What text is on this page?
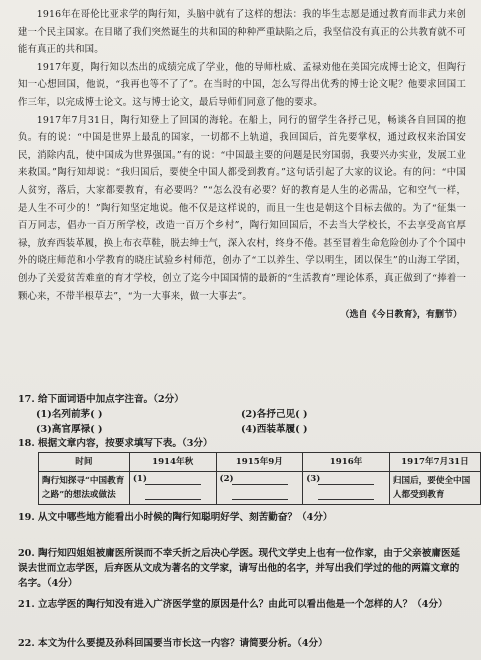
1916年在哥伦比亚求学的陶行知，头脑中就有了这样的想法：我的毕生志愿是通过教育而非武力来创建一个民主国家。在目睹了我们突然诞生的共和国的种种严重缺陷之后，我坚信没有真正的公共教育就不可能有真正的共和国。

1917年夏，陶行知以杰出的成绩完成了学业，他的导师杜威、孟禄劝他在美国完成博士论文，但陶行知一心想回国，他说，“我再也等不了了”。在当时的中国，怎么写得出优秀的博士论文呢？他要求回国工作三年，以完成博士论文。这与博士论文，最后导师们同意了他的要求。

1917年7月31日，陶行知登上了回国的海轮。在船上，同行的留学生各抒己见，畅谈各自回国的抱负。有的说：“中国是世界上最乱的国家，一切都不上轨道，我回国后，首先要掌权，通过政权来治国安民，消除内乱，使中国成为世界强国。”有的说：“中国最主要的问题是民穷国弱，我要兴办实业，发展工业来救国。”陶行知却说：“我归国后，要使全中国人都受到教育。”这句话引起了大家的议论。有的问：“中国人贫穷，落后，大家都要教育，有必要吗？”“怎么没有必要？好的教育是人生的必需品，它和空气一样，是人生不可少的！”陶行知坚定地说。他不仅是这样说的，而且一生也是朝这个目标去做的。为了“征集一百万同志，倡办一百万所学校，改造一百万个乡村”，陶行知回国后，不去当大学校长，不去享受高官厚禄，放弃西装革履，换上布衣草鞋，脱去绅士气，深入农村，终身不倦。甚至冒着生命危险创办了个个国中外的晓庄师范和小学教育的晓庄试验乡村师范，创办了“工以养生、学以明生，团以保生”的山海工学团，创办了关爱贫苦难童的育才学校，创立了迄今中国国情的最新的“生活教育”理论体系，真正做到了“捧着一颗心来，不带半根草去”，“为一大事来，做一大事去”。

（选自《今日教育》，有删节）
17. 给下面词语中加点字注音。（2分）
(1)名列前茅( )	(2)各抒己见( )
(3)高官厚禄( )	(4)西装革履( )
18. 根据文章内容，按要求填写下表。（3分）
时间	1914年秋	1915年9月	1916年	1917年7月31日
陶行知探寻“中国教育之路”的想法或做法	(1)	(2)	(3)	归国后，要使全中国人都受到教育
19. 从文中哪些地方能看出小时候的陶行知聪明好学、刻苦勤奋？（4分）
20. 陶行知四姐姐被庸医所误而不幸夭折之后决心学医。现代文学史上也有一位作家，由于父亲被庸医延误去世而立志学医，后弃医从文成为著名的文学家，请写出他的名字，并写出我们学过的他的两篇文章的名字。（4分）
21. 立志学医的陶行知没有进入广济医学堂的原因是什么？由此可以看出他是一个怎样的人？（4分）
22. 本文为什么要提及孙科回国要当市长这一内容？请简要分析。（4分）
